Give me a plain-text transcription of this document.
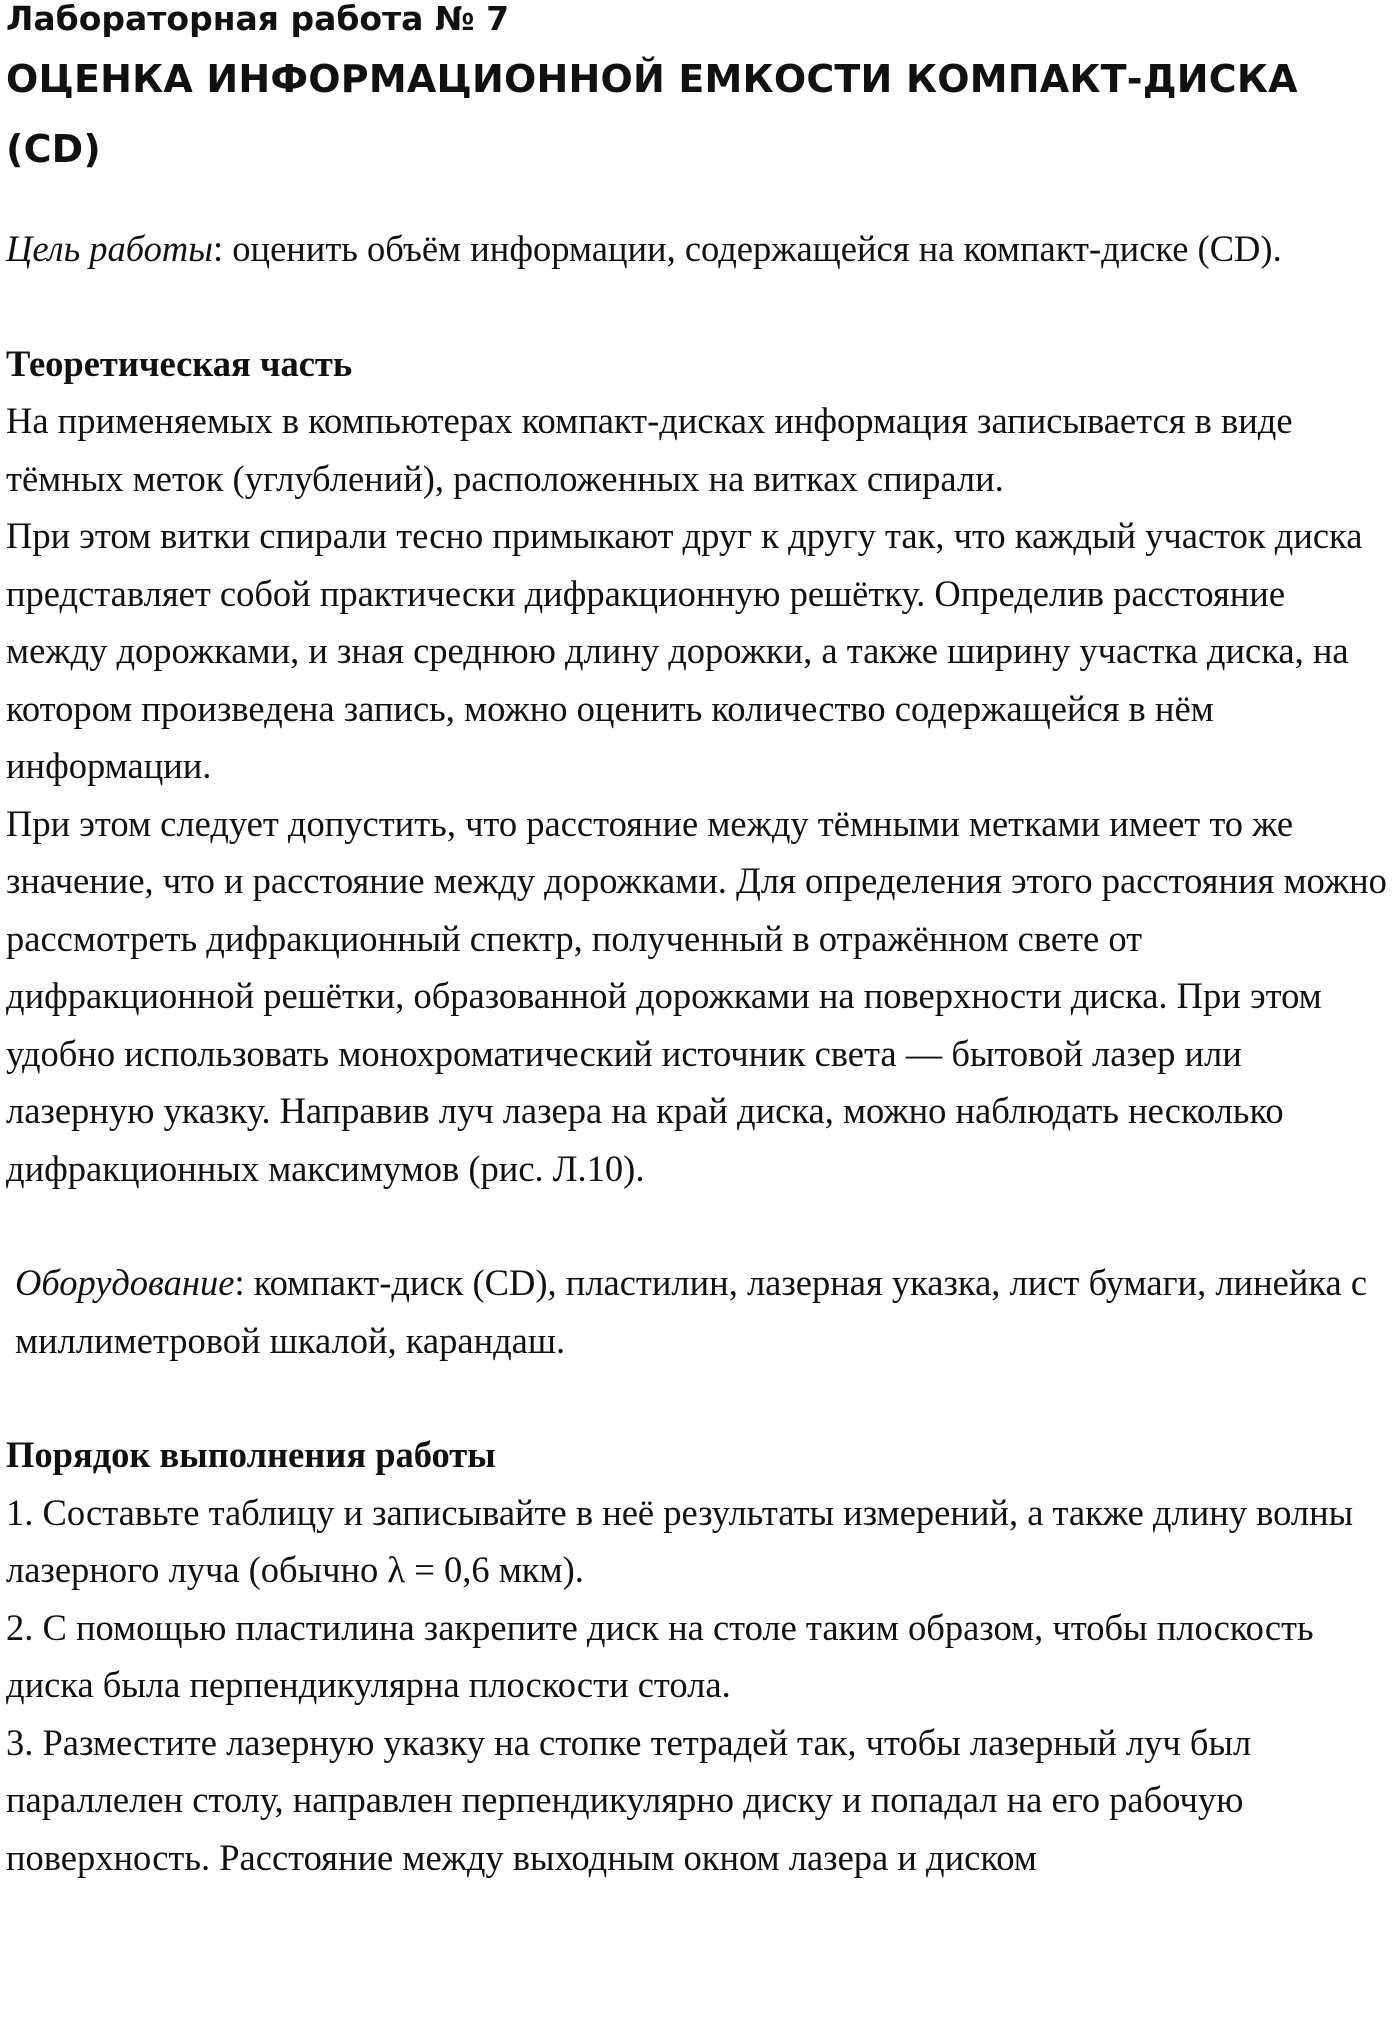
Лабораторная работа № 7
ОЦЕНКА ИНФОРМАЦИОННОЙ ЕМКОСТИ КОМПАКТ-ДИСКА (CD)

Цель работы: оценить объём информации, содержащейся на компакт-диске (CD).

Теоретическая часть

На применяемых в компьютерах компакт-дисках информация записывается в виде тёмных меток (углублений), расположенных на витках спирали.

При этом витки спирали тесно примыкают друг к другу так, что каждый участок диска представляет собой практически дифракционную решётку. Определив расстояние между дорожками, и зная среднюю длину дорожки, а также ширину участка диска, на котором произведена запись, можно оценить количество содержащейся в нём информации.

При этом следует допустить, что расстояние между тёмными метками имеет то же значение, что и расстояние между дорожками. Для определения этого расстояния можно рассмотреть дифракционный спектр, полученный в отражённом свете от дифракционной решётки, образованной дорожками на поверхности диска. При этом удобно использовать монохроматический источник света — бытовой лазер или лазерную указку. Направив луч лазера на край диска, можно наблюдать несколько дифракционных максимумов (рис. Л.10).

Оборудование: компакт-диск (CD), пластилин, лазерная указка, лист бумаги, линейка с миллиметровой шкалой, карандаш.

Порядок выполнения работы

1. Составьте таблицу и записывайте в неё результаты измерений, а также длину волны лазерного луча (обычно λ = 0,6 мкм).

2. С помощью пластилина закрепите диск на столе таким образом, чтобы плоскость диска была перпендикулярна плоскости стола.

3. Разместите лазерную указку на стопке тетрадей так, чтобы лазерный луч был параллелен столу, направлен перпендикулярно диску и попадал на его рабочую поверхность. Расстояние между выходным окном лазера и диском
